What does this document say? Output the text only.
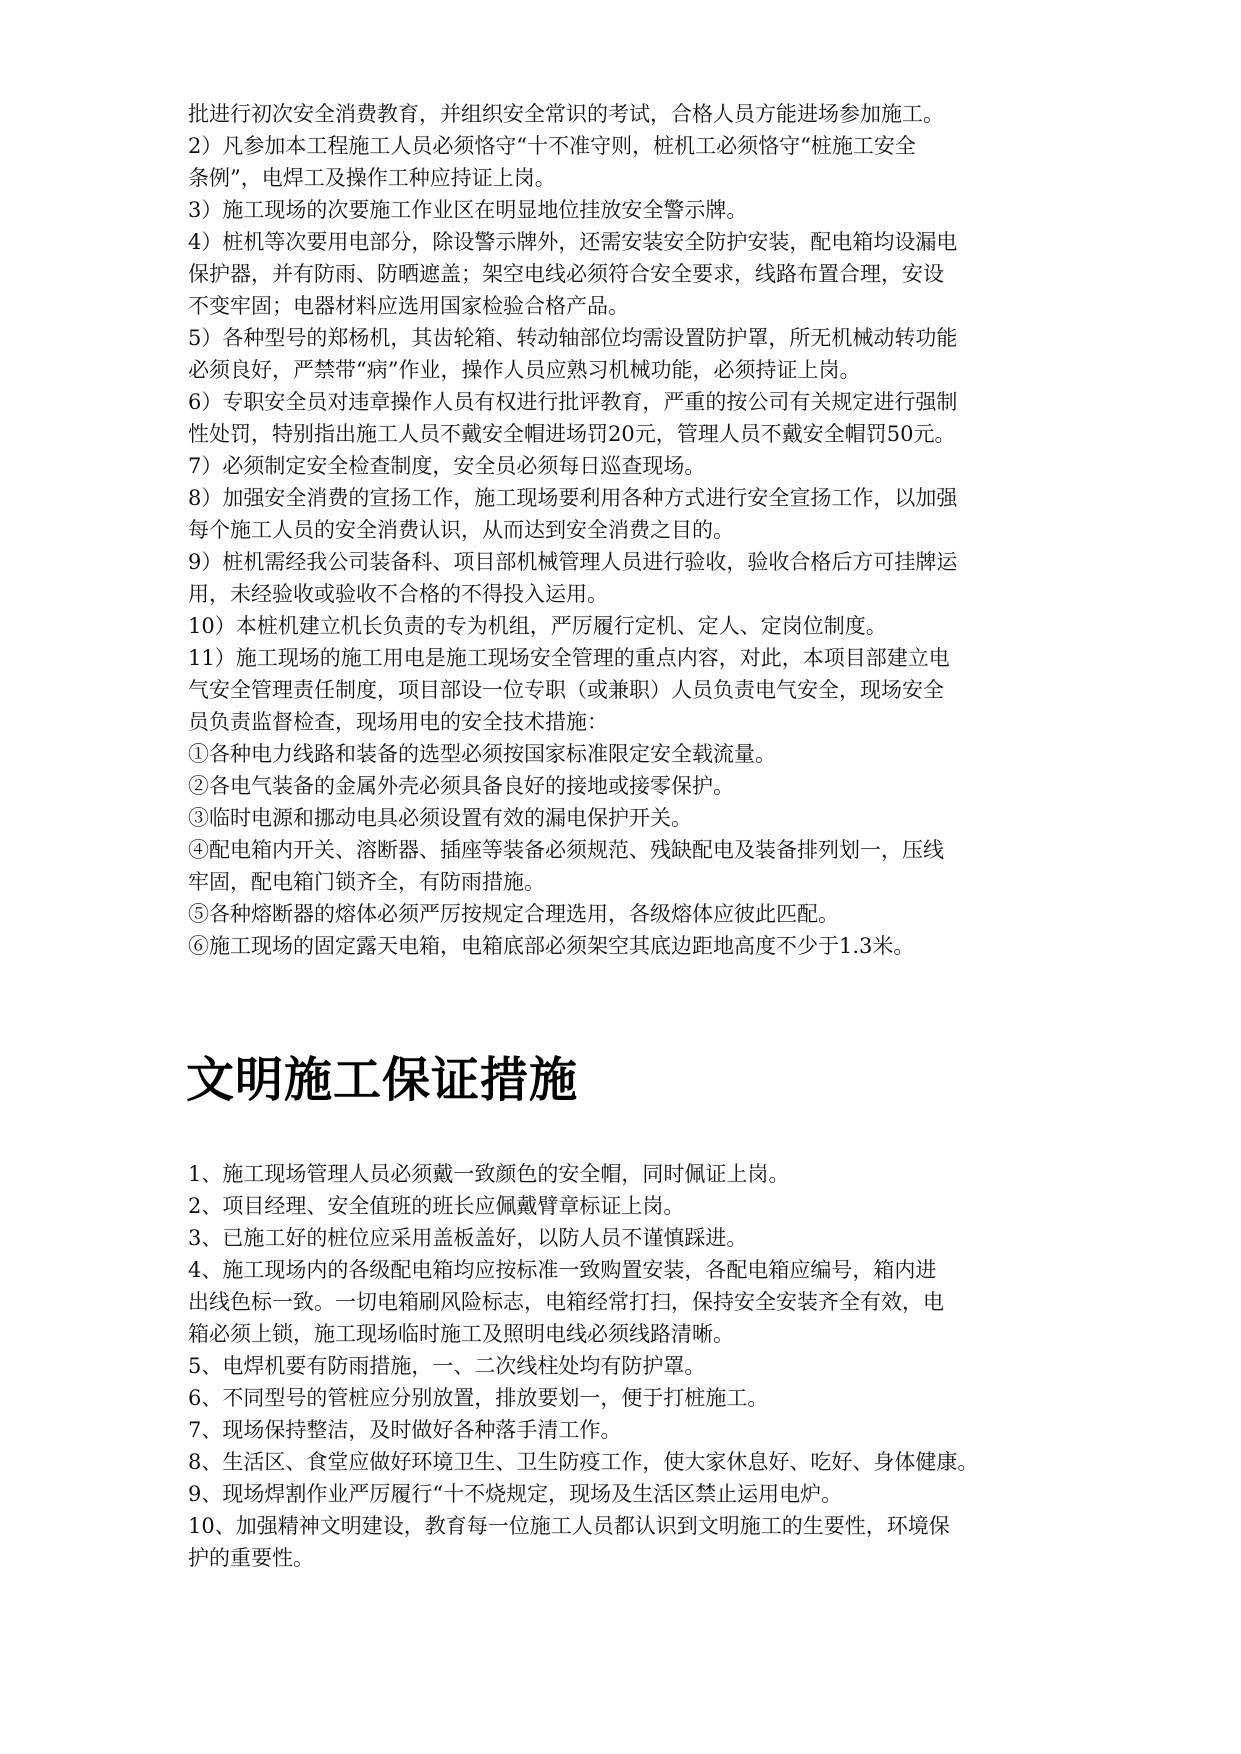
批进行初次安全消费教育，并组织安全常识的考试，合格人员方能进场参加施工。
2）凡参加本工程施工人员必须恪守“十不准守则，桩机工必须恪守“桩施工安全
条例”，电焊工及操作工种应持证上岗。
3）施工现场的次要施工作业区在明显地位挂放安全警示牌。
4）桩机等次要用电部分，除设警示牌外，还需安装安全防护安装，配电箱均设漏电
保护器，并有防雨、防晒遮盖；架空电线必须符合安全要求，线路布置合理，安设
不变牢固；电器材料应选用国家检验合格产品。
5）各种型号的郑杨机，其齿轮箱、转动轴部位均需设置防护罩，所无机械动转功能
必须良好，严禁带“病”作业，操作人员应熟习机械功能，必须持证上岗。
6）专职安全员对违章操作人员有权进行批评教育，严重的按公司有关规定进行强制
性处罚，特别指出施工人员不戴安全帽进场罚20元，管理人员不戴安全帽罚50元。
7）必须制定安全检查制度，安全员必须每日巡查现场。
8）加强安全消费的宣扬工作，施工现场要利用各种方式进行安全宣扬工作，以加强
每个施工人员的安全消费认识，从而达到安全消费之目的。
9）桩机需经我公司装备科、项目部机械管理人员进行验收，验收合格后方可挂牌运
用，未经验收或验收不合格的不得投入运用。
10）本桩机建立机长负责的专为机组，严厉履行定机、定人、定岗位制度。
11）施工现场的施工用电是施工现场安全管理的重点内容，对此，本项目部建立电
气安全管理责任制度，项目部设一位专职（或兼职）人员负责电气安全，现场安全
员负责监督检查，现场用电的安全技术措施：
①各种电力线路和装备的选型必须按国家标准限定安全载流量。
②各电气装备的金属外壳必须具备良好的接地或接零保护。
③临时电源和挪动电具必须设置有效的漏电保护开关。
④配电箱内开关、溶断器、插座等装备必须规范、残缺配电及装备排列划一，压线
牢固，配电箱门锁齐全，有防雨措施。
⑤各种熔断器的熔体必须严厉按规定合理选用，各级熔体应彼此匹配。
⑥施工现场的固定露天电箱，电箱底部必须架空其底边距地高度不少于1.3米。
文明施工保证措施
1、施工现场管理人员必须戴一致颜色的安全帽，同时佩证上岗。
2、项目经理、安全值班的班长应佩戴臂章标证上岗。
3、已施工好的桩位应采用盖板盖好，以防人员不谨慎踩进。
4、施工现场内的各级配电箱均应按标准一致购置安装，各配电箱应编号，箱内进
出线色标一致。一切电箱刷风险标志，电箱经常打扫，保持安全安装齐全有效，电
箱必须上锁，施工现场临时施工及照明电线必须线路清晰。
5、电焊机要有防雨措施，一、二次线柱处均有防护罩。
6、不同型号的管桩应分别放置，排放要划一，便于打桩施工。
7、现场保持整洁，及时做好各种落手清工作。
8、生活区、食堂应做好环境卫生、卫生防疫工作，使大家休息好、吃好、身体健康。
9、现场焊割作业严厉履行“十不烧规定，现场及生活区禁止运用电炉。
10、加强精神文明建设，教育每一位施工人员都认识到文明施工的生要性，环境保
护的重要性。
